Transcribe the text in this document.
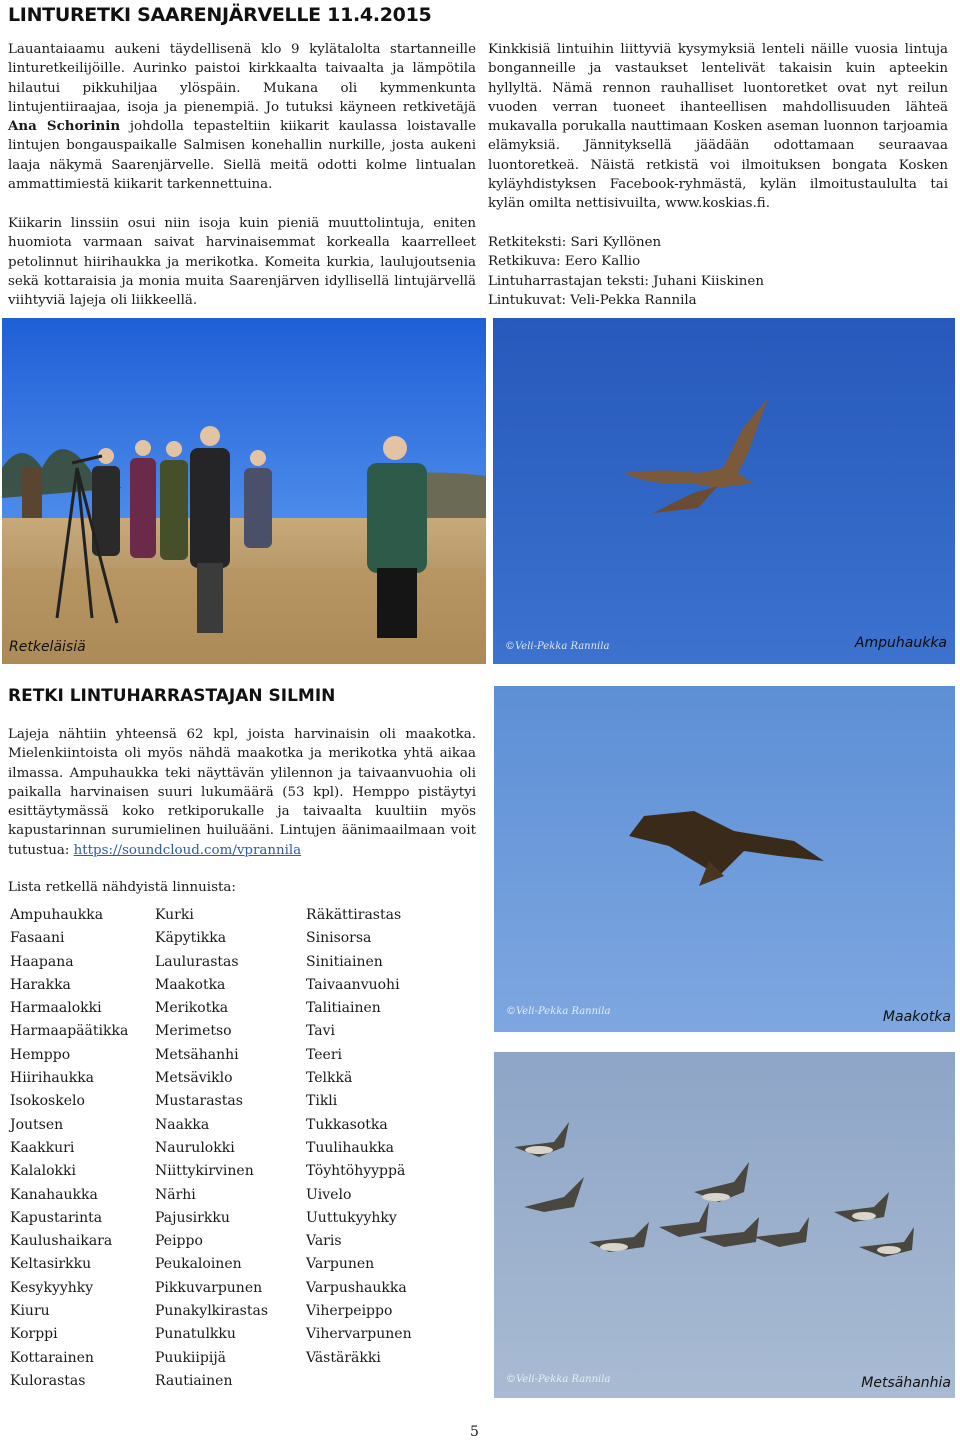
LINTURETKI SAARENJÄRVELLE 11.4.2015
Lauantaiaamu aukeni täydellisenä klo 9 kylätalolta startanneille linturetkeilijöille. Aurinko paistoi kirkkaalta taivaalta ja lämpötila hilautui pikkuhiljaa ylöspäin. Mukana oli kymmenkunta lintujentiiraajaa, isoja ja pienempiä. Jo tutuksi käyneen retkivetäjä Ana Schorinin johdolla tepasteltiin kiikarit kaulassa loistavalle lintujen bongauspaikalle Salmisen konehallin nurkille, josta aukeni laaja näkymä Saarenjärvelle. Siellä meitä odotti kolme lintualan ammattimiestä kiikarit tarkennettuina.
Kiikarin linssiin osui niin isoja kuin pieniä muuttolintuja, eniten huomiota varmaan saivat harvinaisemmat korkealla kaarrelleet petolinnut hiirihaukka ja merikotka. Komeita kurkia, laulujoutsenia sekä kottaraisia ja monia muita Saarenjärven idyllisellä lintujärvellä viihtyviä lajeja oli liikkeellä.
Kinkkisiä lintuihin liittyviä kysymyksiä lenteli näille vuosia lintuja bonganneille ja vastaukset lentelivät takaisin kuin apteekin hyllyltä. Nämä rennon rauhalliset luontoretket ovat nyt reilun vuoden verran tuoneet ihanteellisen mahdollisuuden lähteä mukavalla porukalla nauttimaan Kosken aseman luonnon tarjoamia elämyksiä. Jännityksellä jäädään odottamaan seuraavaa luontoretkeä. Näistä retkistä voi ilmoituksen bongata Kosken kyläyhdistyksen Facebook-ryhmästä, kylän ilmoitustaululta tai kylän omilta nettisivuilta, www.koskias.fi.
Retkiteksti: Sari Kyllönen
Retkikuva: Eero Kallio
Lintuharrastajan teksti: Juhani Kiiskinen
Lintukuvat: Veli-Pekka Rannila
Retkeläisiä	©Veli-Pekka Rannila	Ampuhaukka
RETKI LINTUHARRASTAJAN SILMIN
Lajeja nähtiin yhteensä 62 kpl, joista harvinaisin oli maakotka. Mielenkiintoista oli myös nähdä maakotka ja merikotka yhtä aikaa ilmassa. Ampuhaukka teki näyttävän ylilennon ja taivaanvuohia oli paikalla harvinaisen suuri lukumäärä (53 kpl). Hemppo pistäytyi esittäytymässä koko retkiporukalle ja taivaalta kuultiin myös kapustarinnan surumielinen huiluääni. Lintujen äänimaailmaan voit tutustua: https://soundcloud.com/vprannila
Lista retkellä nähdyistä linnuista:
Ampuhaukka
Fasaani
Haapana
Harakka
Harmaalokki
Harmaapäätikka
Hemppo
Hiirihaukka
Isokoskelo
Joutsen
Kaakkuri
Kalalokki
Kanahaukka
Kapustarinta
Kaulushaikara
Keltasirkku
Kesykyyhky
Kiuru
Korppi
Kottarainen
Kulorastas
Kurki
Käpytikka
Laulurastas
Maakotka
Merikotka
Merimetso
Metsähanhi
Metsäviklo
Mustarastas
Naakka
Naurulokki
Niittykirvinen
Närhi
Pajusirkku
Peippo
Peukaloinen
Pikkuvarpunen
Punakylkirastas
Punatulkku
Puukiipijä
Rautiainen
Räkättirastas
Sinisorsa
Sinitiainen
Taivaanvuohi
Talitiainen
Tavi
Teeri
Telkkä
Tikli
Tukkasotka
Tuulihaukka
Töyhtöhyyppä
Uivelo
Uuttukyyhky
Varis
Varpunen
Varpushaukka
Viherpeippo
Vihervarpunen
Västäräkki
©Veli-Pekka Rannila	Maakotka
©Veli-Pekka Rannila	Metsähanhia
5
